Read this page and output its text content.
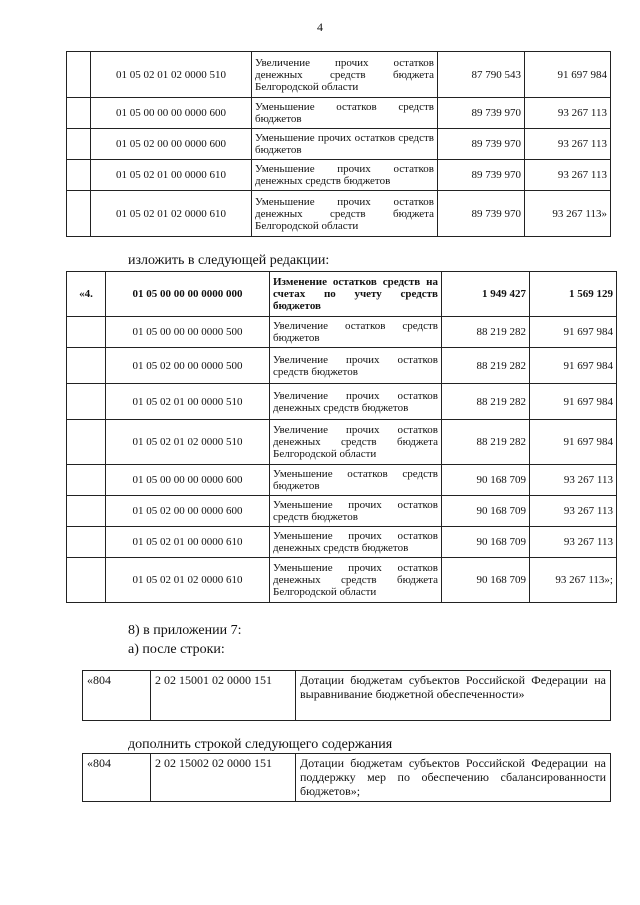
4
	01 05 02 01 02 0000 510	Увеличение прочих остатков денежных средств бюджета Белгородской области	87 790 543	91 697 984
	01 05 00 00 00 0000 600	Уменьшение остатков средств бюджетов	89 739 970	93 267 113
	01 05 02 00 00 0000 600	Уменьшение прочих остатков средств бюджетов	89 739 970	93 267 113
	01 05 02 01 00 0000 610	Уменьшение прочих остатков денежных средств бюджетов	89 739 970	93 267 113
	01 05 02 01 02 0000 610	Уменьшение прочих остатков денежных средств бюджета Белгородской области	89 739 970	93 267 113»
изложить в следующей редакции:
«4.	01 05 00 00 00 0000 000	Изменение остатков средств на счетах по учету средств бюджетов	1 949 427	1 569 129
	01 05 00 00 00 0000 500	Увеличение остатков средств бюджетов	88 219 282	91 697 984
	01 05 02 00 00 0000 500	Увеличение прочих остатков средств бюджетов	88 219 282	91 697 984
	01 05 02 01 00 0000 510	Увеличение прочих остатков денежных средств бюджетов	88 219 282	91 697 984
	01 05 02 01 02 0000 510	Увеличение прочих остатков денежных средств бюджета Белгородской области	88 219 282	91 697 984
	01 05 00 00 00 0000 600	Уменьшение остатков средств бюджетов	90 168 709	93 267 113
	01 05 02 00 00 0000 600	Уменьшение прочих остатков средств бюджетов	90 168 709	93 267 113
	01 05 02 01 00 0000 610	Уменьшение прочих остатков денежных средств бюджетов	90 168 709	93 267 113
	01 05 02 01 02 0000 610	Уменьшение прочих остатков денежных средств бюджета Белгородской области	90 168 709	93 267 113»;
8) в приложении 7:
а) после строки:
«804	2 02 15001 02 0000 151	Дотации бюджетам субъектов Российской Федерации на выравнивание бюджетной обеспеченности»
дополнить строкой следующего содержания
«804	2 02 15002 02 0000 151	Дотации бюджетам субъектов Российской Федерации на поддержку мер по обеспечению сбалансированности бюджетов»;
